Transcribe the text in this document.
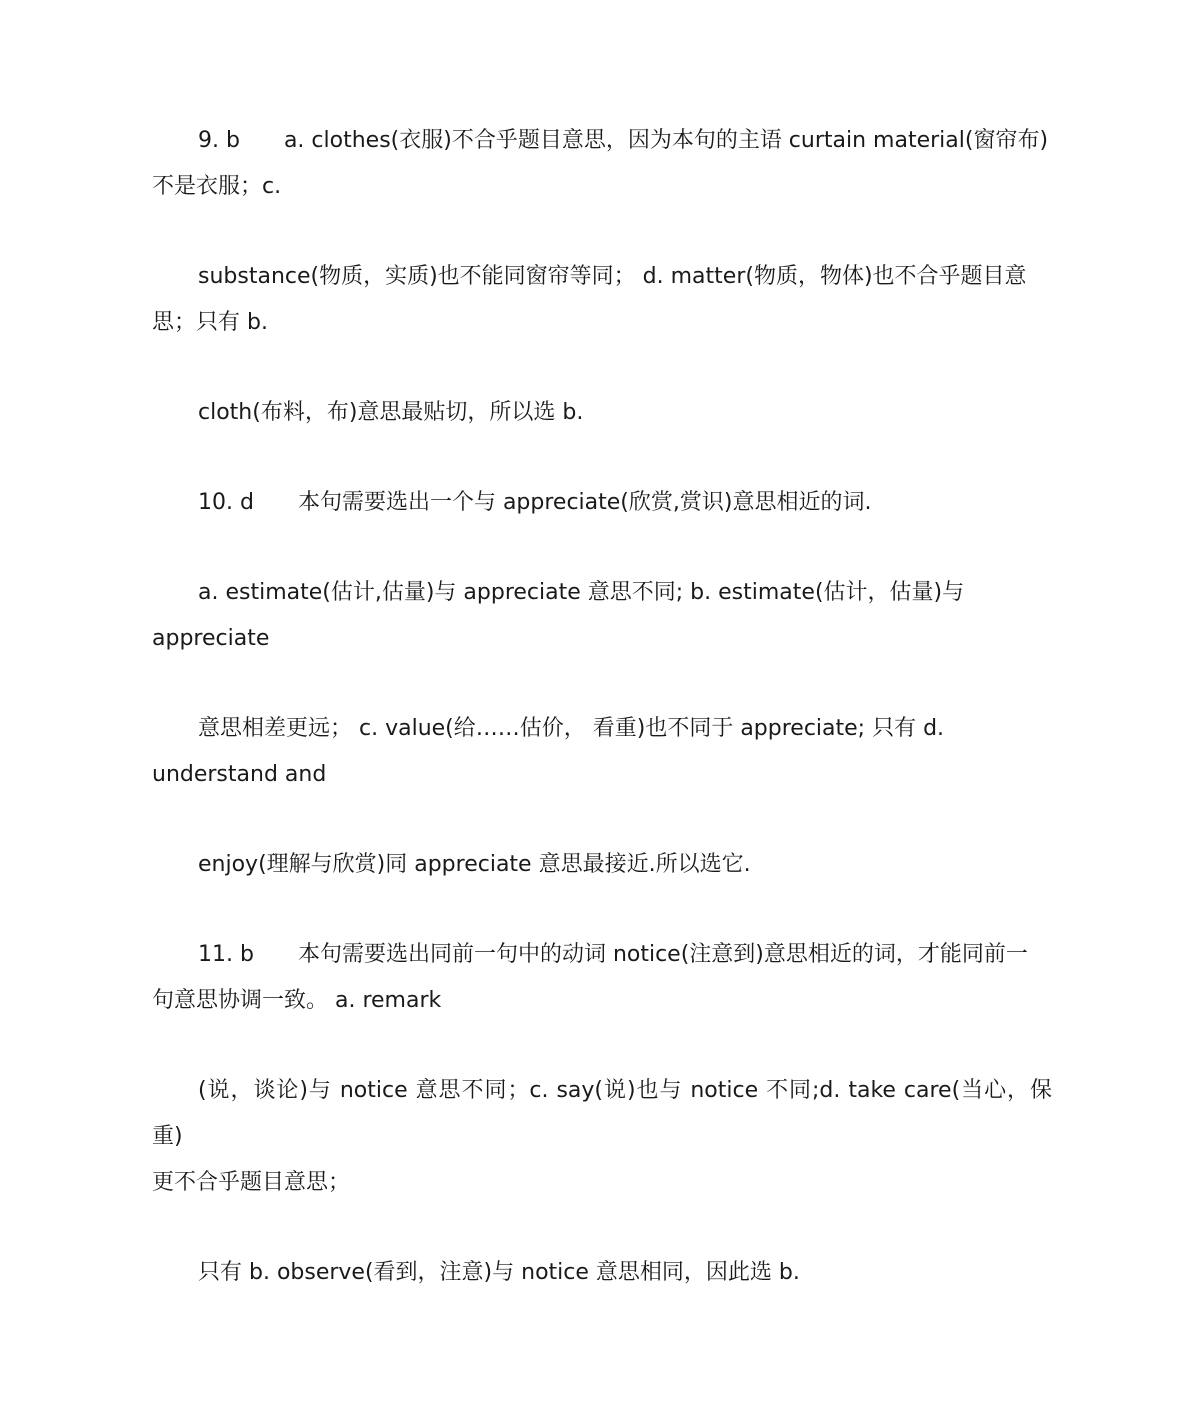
9. b　　a. clothes(衣服)不合乎题目意思，因为本句的主语 curtain material(窗帘布)
不是衣服；c.

substance(物质，实质)也不能同窗帘等同； d. matter(物质，物体)也不合乎题目意
思；只有 b.

cloth(布料，布)意思最贴切，所以选 b.

10. d　　本句需要选出一个与 appreciate(欣赏,赏识)意思相近的词.

a. estimate(估计,估量)与 appreciate 意思不同; b. estimate(估计，估量)与
appreciate

意思相差更远； c. value(给……估价， 看重)也不同于 appreciate; 只有 d.
understand and

enjoy(理解与欣赏)同 appreciate 意思最接近.所以选它.

11. b　　本句需要选出同前一句中的动词 notice(注意到)意思相近的词，才能同前一
句意思协调一致。 a. remark

(说，谈论)与 notice 意思不同；c. say(说)也与 notice 不同;d. take care(当心，保重)
更不合乎题目意思；

只有 b. observe(看到，注意)与 notice 意思相同，因此选 b.
